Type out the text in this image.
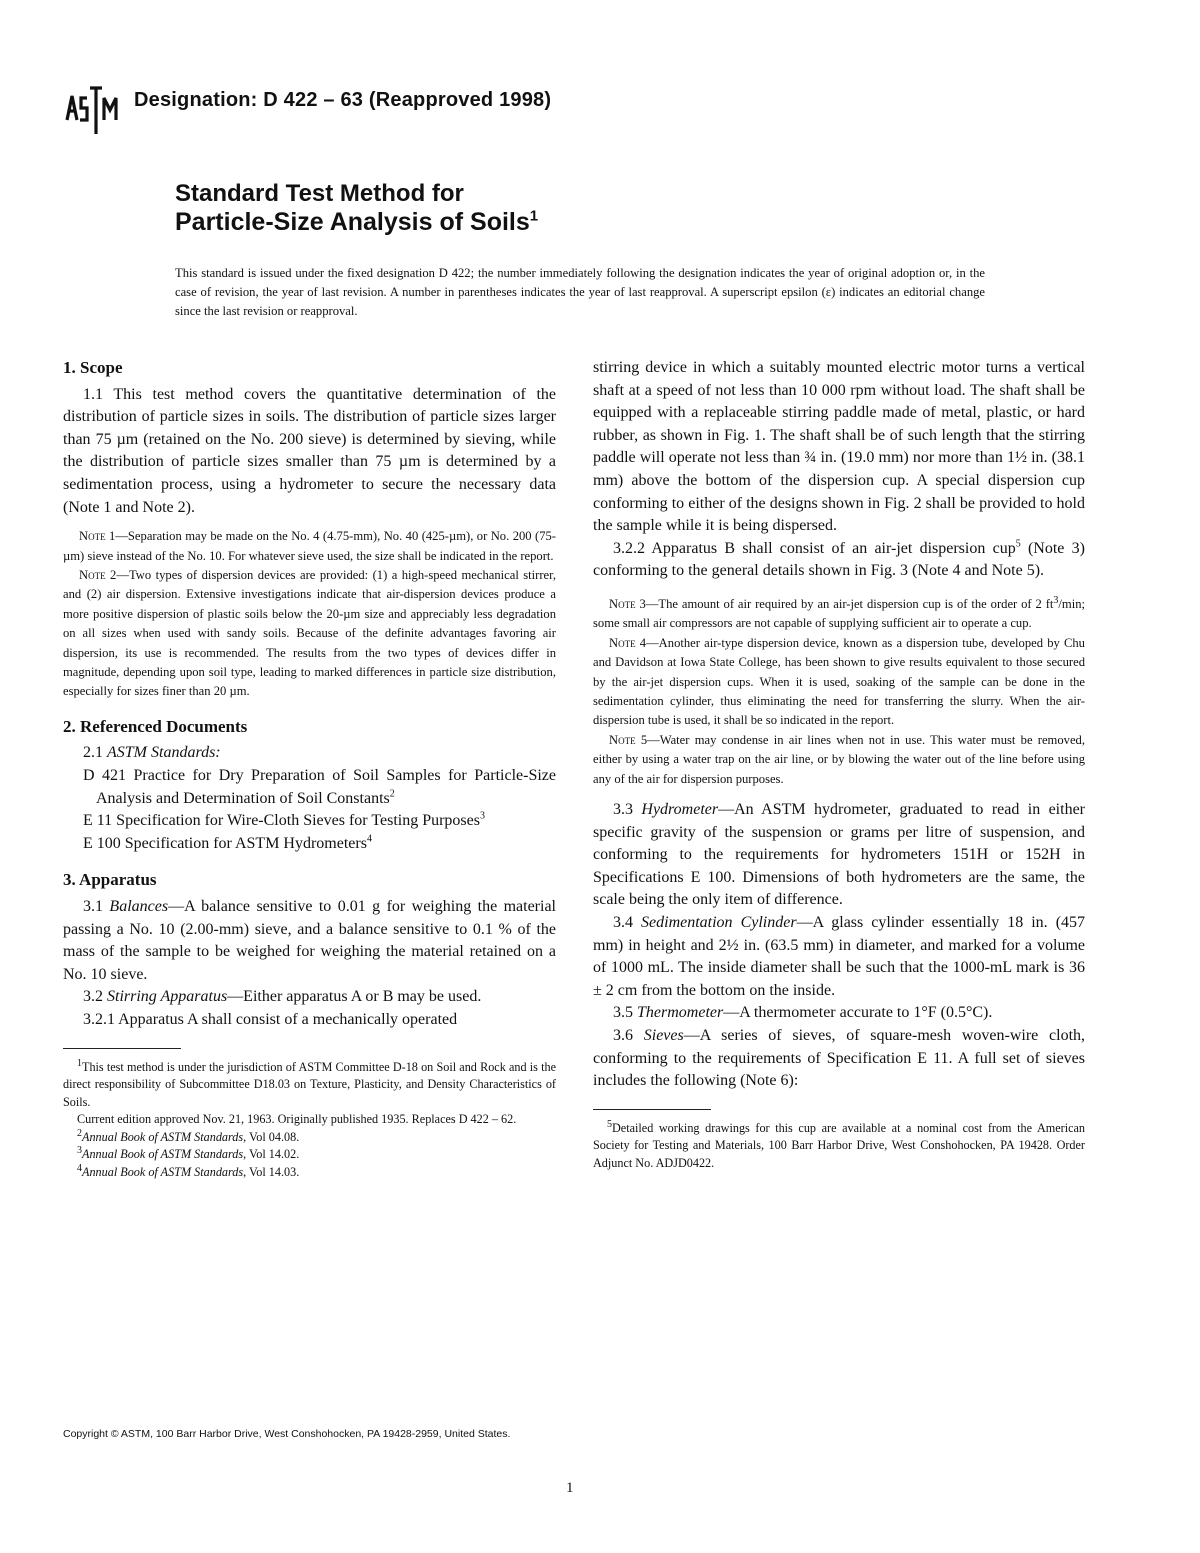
Designation: D 422 – 63 (Reapproved 1998)
Standard Test Method for
Particle-Size Analysis of Soils$^1$
This standard is issued under the fixed designation D 422; the number immediately following the designation indicates the year of original adoption or, in the case of revision, the year of last revision. A number in parentheses indicates the year of last reapproval. A superscript epsilon (ε) indicates an editorial change since the last revision or reapproval.
1. Scope

1.1 This test method covers the quantitative determination of the distribution of particle sizes in soils. The distribution of particle sizes larger than 75 µm (retained on the No. 200 sieve) is determined by sieving, while the distribution of particle sizes smaller than 75 µm is determined by a sedimentation process, using a hydrometer to secure the necessary data (Note 1 and Note 2).

Note 1—Separation may be made on the No. 4 (4.75-mm), No. 40 (425-µm), or No. 200 (75-µm) sieve instead of the No. 10. For whatever sieve used, the size shall be indicated in the report.

Note 2—Two types of dispersion devices are provided: (1) a high-speed mechanical stirrer, and (2) air dispersion. Extensive investigations indicate that air-dispersion devices produce a more positive dispersion of plastic soils below the 20-µm size and appreciably less degradation on all sizes when used with sandy soils. Because of the definite advantages favoring air dispersion, its use is recommended. The results from the two types of devices differ in magnitude, depending upon soil type, leading to marked differences in particle size distribution, especially for sizes finer than 20 µm.

2. Referenced Documents

2.1 ASTM Standards:

D 421 Practice for Dry Preparation of Soil Samples for Particle-Size Analysis and Determination of Soil Constants$^2$

E 11 Specification for Wire-Cloth Sieves for Testing Purposes$^3$

E 100 Specification for ASTM Hydrometers$^4$

3. Apparatus

3.1 Balances—A balance sensitive to 0.01 g for weighing the material passing a No. 10 (2.00-mm) sieve, and a balance sensitive to 0.1 % of the mass of the sample to be weighed for weighing the material retained on a No. 10 sieve.

3.2 Stirring Apparatus—Either apparatus A or B may be used.

3.2.1 Apparatus A shall consist of a mechanically operated

$^1$This test method is under the jurisdiction of ASTM Committee D-18 on Soil and Rock and is the direct responsibility of Subcommittee D18.03 on Texture, Plasticity, and Density Characteristics of Soils.

Current edition approved Nov. 21, 1963. Originally published 1935. Replaces D 422 – 62.

$^2$Annual Book of ASTM Standards, Vol 04.08.

$^3$Annual Book of ASTM Standards, Vol 14.02.

$^4$Annual Book of ASTM Standards, Vol 14.03.

stirring device in which a suitably mounted electric motor turns a vertical shaft at a speed of not less than 10 000 rpm without load. The shaft shall be equipped with a replaceable stirring paddle made of metal, plastic, or hard rubber, as shown in Fig. 1. The shaft shall be of such length that the stirring paddle will operate not less than ¾ in. (19.0 mm) nor more than 1½ in. (38.1 mm) above the bottom of the dispersion cup. A special dispersion cup conforming to either of the designs shown in Fig. 2 shall be provided to hold the sample while it is being dispersed.

3.2.2 Apparatus B shall consist of an air-jet dispersion cup$^5$ (Note 3) conforming to the general details shown in Fig. 3 (Note 4 and Note 5).

Note 3—The amount of air required by an air-jet dispersion cup is of the order of 2 $ft^3/\min$; some small air compressors are not capable of supplying sufficient air to operate a cup.

Note 4—Another air-type dispersion device, known as a dispersion tube, developed by Chu and Davidson at Iowa State College, has been shown to give results equivalent to those secured by the air-jet dispersion cups. When it is used, soaking of the sample can be done in the sedimentation cylinder, thus eliminating the need for transferring the slurry. When the air-dispersion tube is used, it shall be so indicated in the report.

Note 5—Water may condense in air lines when not in use. This water must be removed, either by using a water trap on the air line, or by blowing the water out of the line before using any of the air for dispersion purposes.

3.3 Hydrometer—An ASTM hydrometer, graduated to read in either specific gravity of the suspension or grams per litre of suspension, and conforming to the requirements for hydrometers 151H or 152H in Specifications E 100. Dimensions of both hydrometers are the same, the scale being the only item of difference.

3.4 Sedimentation Cylinder—A glass cylinder essentially 18 in. (457 mm) in height and 2½ in. (63.5 mm) in diameter, and marked for a volume of 1000 mL. The inside diameter shall be such that the 1000-mL mark is 36 ± 2 cm from the bottom on the inside.

3.5 Thermometer—A thermometer accurate to 1°F (0.5°C).

3.6 Sieves—A series of sieves, of square-mesh woven-wire cloth, conforming to the requirements of Specification E 11. A full set of sieves includes the following (Note 6):

$^5$Detailed working drawings for this cup are available at a nominal cost from the American Society for Testing and Materials, 100 Barr Harbor Drive, West Conshohocken, PA 19428. Order Adjunct No. ADJD0422.

Copyright © ASTM, 100 Barr Harbor Drive, West Conshohocken, PA 19428-2959, United States.
1
